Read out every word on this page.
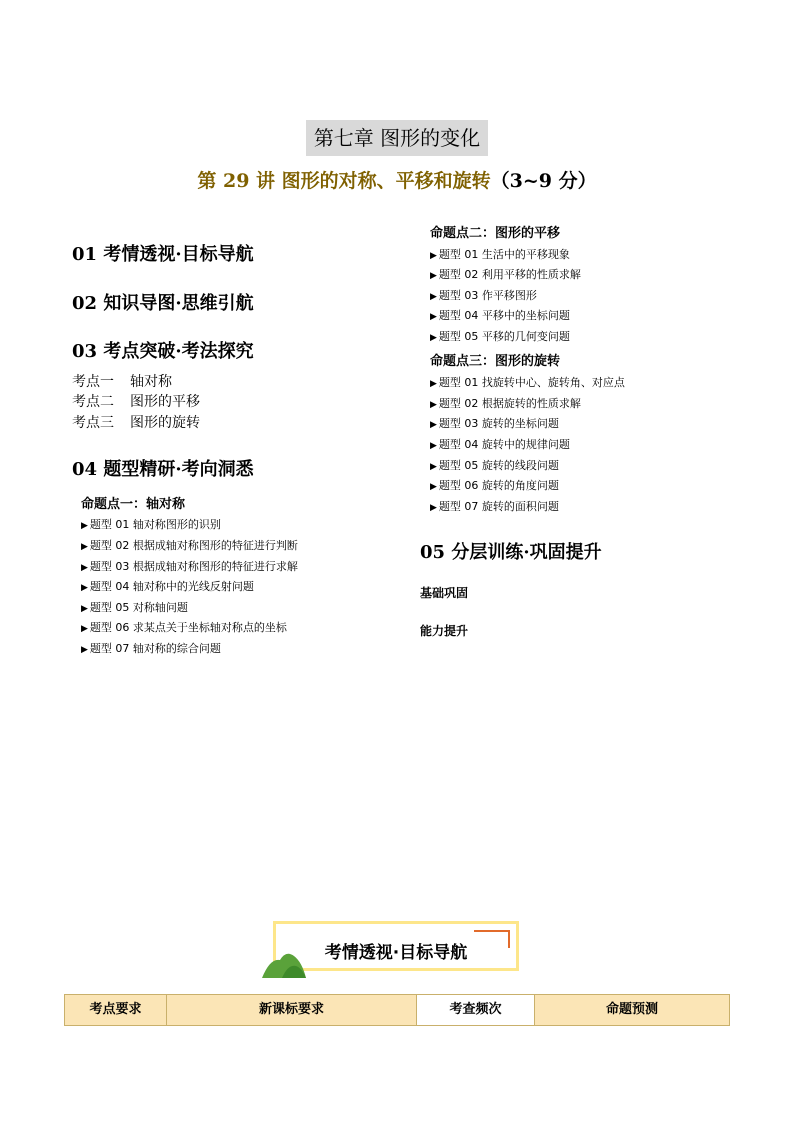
第七章 图形的变化
第 29 讲 图形的对称、平移和旋转（3~9 分）
01 考情透视·目标导航
02 知识导图·思维引航
03 考点突破·考法探究
考点一 轴对称
考点二 图形的平移
考点三 图形的旋转
04 题型精研·考向洞悉
命题点一：轴对称
▶ 题型 01 轴对称图形的识别
▶ 题型 02 根据成轴对称图形的特征进行判断
▶ 题型 03 根据成轴对称图形的特征进行求解
▶ 题型 04 轴对称中的光线反射问题
▶ 题型 05 对称轴问题
▶ 题型 06 求某点关于坐标轴对称点的坐标
▶ 题型 07 轴对称的综合问题
命题点二：图形的平移
▶ 题型 01 生活中的平移现象
▶ 题型 02 利用平移的性质求解
▶ 题型 03 作平移图形
▶ 题型 04 平移中的坐标问题
▶ 题型 05 平移的几何变问题
命题点三：图形的旋转
▶ 题型 01 找旋转中心、旋转角、对应点
▶ 题型 02 根据旋转的性质求解
▶ 题型 03 旋转的坐标问题
▶ 题型 04 旋转中的规律问题
▶ 题型 05 旋转的线段问题
▶ 题型 06 旋转的角度问题
▶ 题型 07 旋转的面积问题
05 分层训练·巩固提升
基础巩固
能力提升
考情透视·目标导航
考点要求	新课标要求	考查频次	命题预测
